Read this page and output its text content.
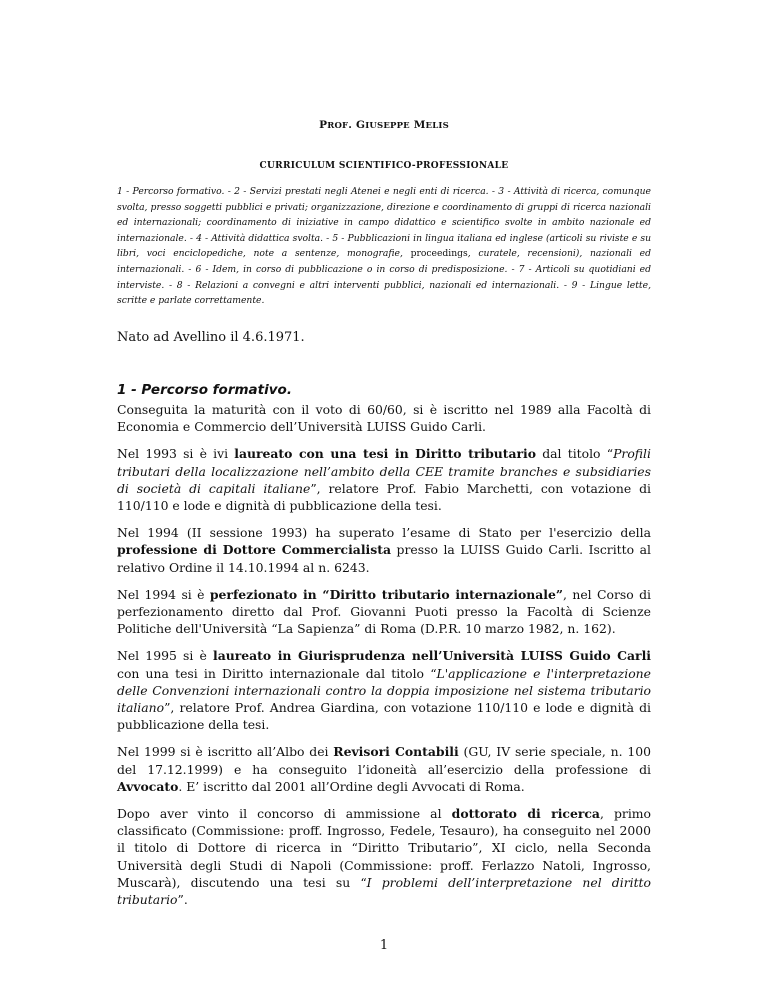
PROF. GIUSEPPE MELIS
CURRICULUM SCIENTIFICO-PROFESSIONALE

1 - Percorso formativo. - 2 - Servizi prestati negli Atenei e negli enti di ricerca. - 3 - Attività di ricerca, comunque svolta, presso soggetti pubblici e privati; organizzazione, direzione e coordinamento di gruppi di ricerca nazionali ed internazionali; coordinamento di iniziative in campo didattico e scientifico svolte in ambito nazionale ed internazionale. - 4 - Attività didattica svolta. - 5 - Pubblicazioni in lingua italiana ed inglese (articoli su riviste e su libri, voci enciclopediche, note a sentenze, monografie, proceedings, curatele, recensioni), nazionali ed internazionali. - 6 - Idem, in corso di pubblicazione o in corso di predisposizione. - 7 - Articoli su quotidiani ed interviste. - 8 - Relazioni a convegni e altri interventi pubblici, nazionali ed internazionali. - 9 - Lingue lette, scritte e parlate correttamente.

Nato ad Avellino il 4.6.1971.

1 - Percorso formativo.

Conseguita la maturità con il voto di 60/60, si è iscritto nel 1989 alla Facoltà di Economia e Commercio dell’Università LUISS Guido Carli.

Nel 1993 si è ivi laureato con una tesi in Diritto tributario dal titolo “Profili tributari della localizzazione nell’ambito della CEE tramite branches e subsidiaries di società di capitali italiane”, relatore Prof. Fabio Marchetti, con votazione di 110/110 e lode e dignità di pubblicazione della tesi.

Nel 1994 (II sessione 1993) ha superato l’esame di Stato per l'esercizio della professione di Dottore Commercialista presso la LUISS Guido Carli. Iscritto al relativo Ordine il 14.10.1994 al n. 6243.

Nel 1994 si è perfezionato in “Diritto tributario internazionale”, nel Corso di perfezionamento diretto dal Prof. Giovanni Puoti presso la Facoltà di Scienze Politiche dell'Università “La Sapienza” di Roma (D.P.R. 10 marzo 1982, n. 162).

Nel 1995 si è laureato in Giurisprudenza nell’Università LUISS Guido Carli con una tesi in Diritto internazionale dal titolo “L'applicazione e l'interpretazione delle Convenzioni internazionali contro la doppia imposizione nel sistema tributario italiano”, relatore Prof. Andrea Giardina, con votazione 110/110 e lode e dignità di pubblicazione della tesi.

Nel 1999 si è iscritto all’Albo dei Revisori Contabili (GU, IV serie speciale, n. 100 del 17.12.1999) e ha conseguito l’idoneità all’esercizio della professione di Avvocato. E’ iscritto dal 2001 all’Ordine degli Avvocati di Roma.

Dopo aver vinto il concorso di ammissione al dottorato di ricerca, primo classificato (Commissione: proff. Ingrosso, Fedele, Tesauro), ha conseguito nel 2000 il titolo di Dottore di ricerca in “Diritto Tributario”, XI ciclo, nella Seconda Università degli Studi di Napoli (Commissione: proff. Ferlazzo Natoli, Ingrosso, Muscarà), discutendo una tesi su “I problemi dell’interpretazione nel diritto tributario”.

1
